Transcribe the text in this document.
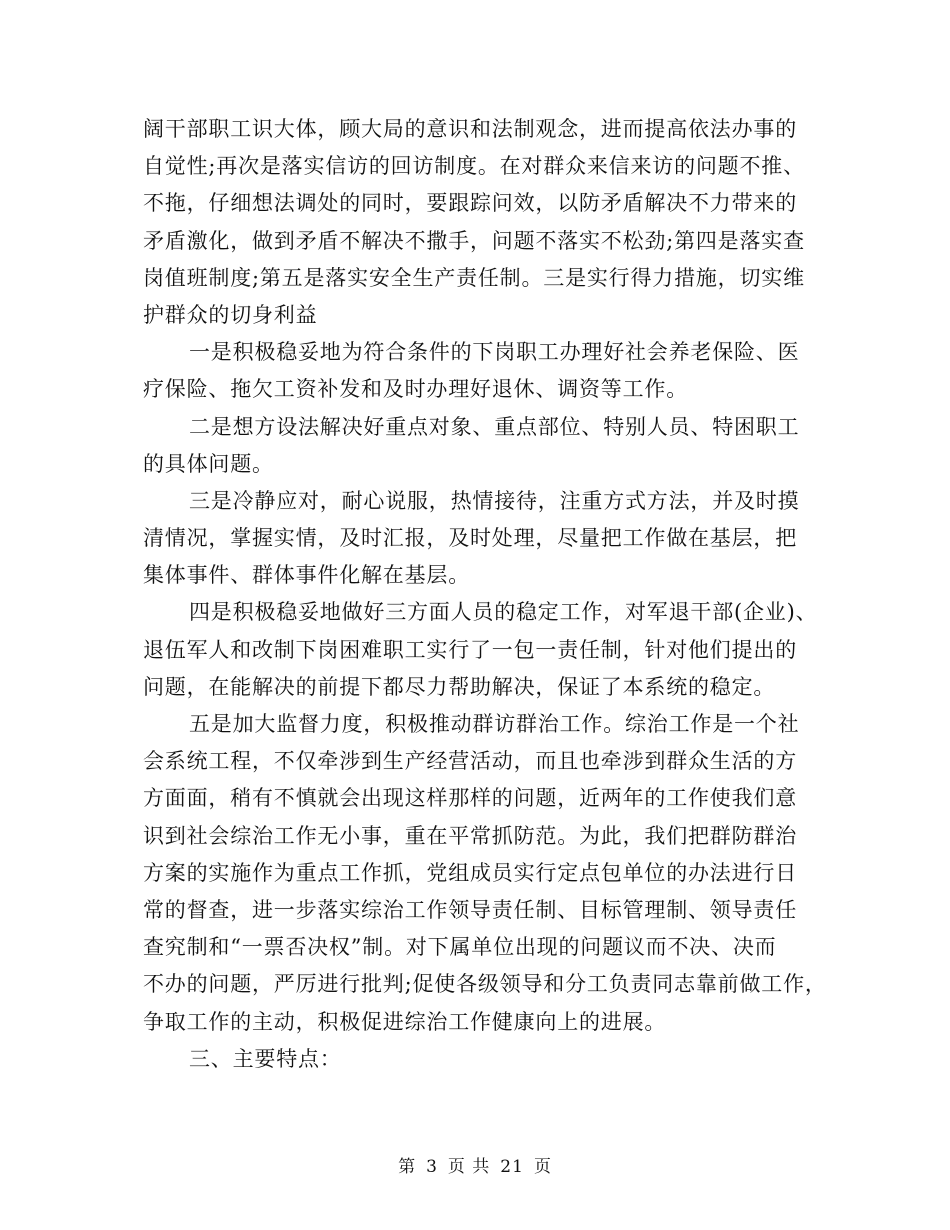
阔干部职工识大体，顾大局的意识和法制观念，进而提高依法办事的
自觉性;再次是落实信访的回访制度。在对群众来信来访的问题不推、
不拖，仔细想法调处的同时，要跟踪问效，以防矛盾解决不力带来的
矛盾激化，做到矛盾不解决不撒手，问题不落实不松劲;第四是落实查
岗值班制度;第五是落实安全生产责任制。三是实行得力措施，切实维
护群众的切身利益
一是积极稳妥地为符合条件的下岗职工办理好社会养老保险、医
疗保险、拖欠工资补发和及时办理好退休、调资等工作。
二是想方设法解决好重点对象、重点部位、特别人员、特困职工
的具体问题。
三是冷静应对，耐心说服，热情接待，注重方式方法，并及时摸
清情况，掌握实情，及时汇报，及时处理，尽量把工作做在基层，把
集体事件、群体事件化解在基层。
四是积极稳妥地做好三方面人员的稳定工作，对军退干部(企业)、
退伍军人和改制下岗困难职工实行了一包一责任制，针对他们提出的
问题，在能解决的前提下都尽力帮助解决，保证了本系统的稳定。
五是加大监督力度，积极推动群访群治工作。综治工作是一个社
会系统工程，不仅牵涉到生产经营活动，而且也牵涉到群众生活的方
方面面，稍有不慎就会出现这样那样的问题，近两年的工作使我们意
识到社会综治工作无小事，重在平常抓防范。为此，我们把群防群治
方案的实施作为重点工作抓，党组成员实行定点包单位的办法进行日
常的督查，进一步落实综治工作领导责任制、目标管理制、领导责任
查究制和“一票否决权”制。对下属单位出现的问题议而不决、决而
不办的问题，严厉进行批判;促使各级领导和分工负责同志靠前做工作，
争取工作的主动，积极促进综治工作健康向上的进展。
三、主要特点：
第 3 页 共 21 页
